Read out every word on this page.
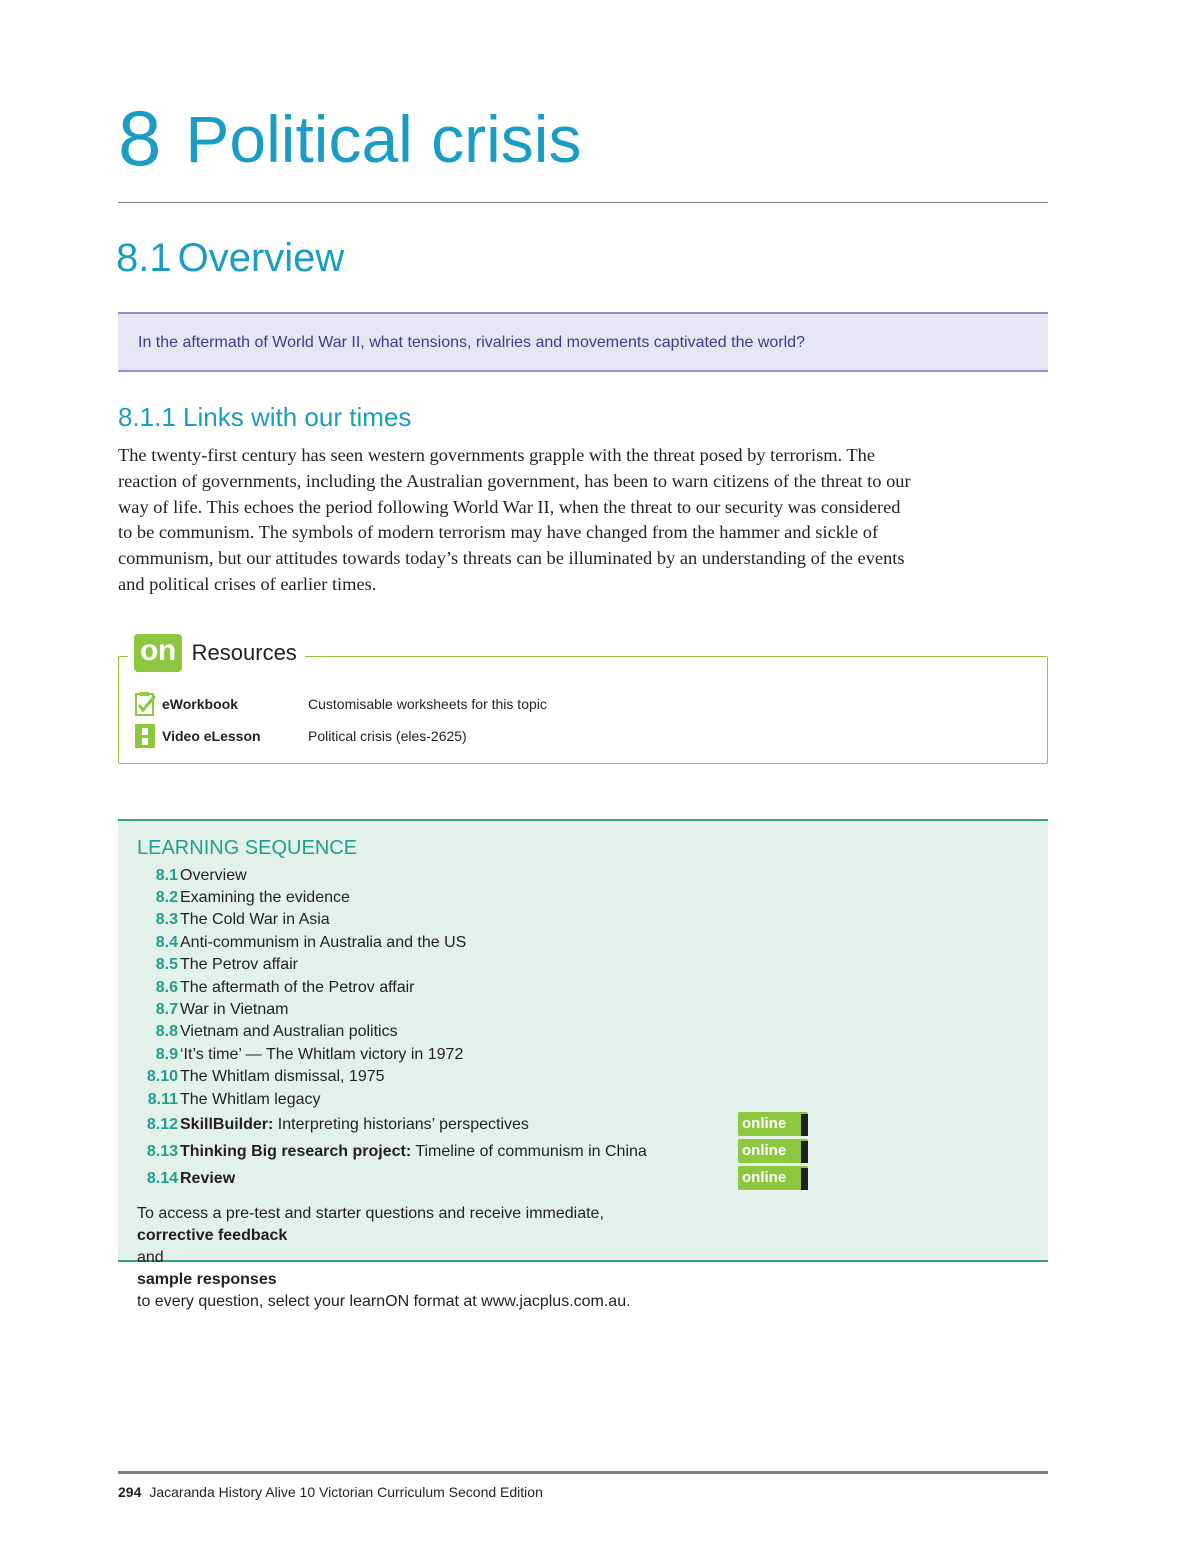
8 Political crisis
8.1 Overview
In the aftermath of World War II, what tensions, rivalries and movements captivated the world?
8.1.1 Links with our times

The twenty-first century has seen western governments grapple with the threat posed by terrorism. The
reaction of governments, including the Australian government, has been to warn citizens of the threat to our
way of life. This echoes the period following World War II, when the threat to our security was considered
to be communism. The symbols of modern terrorism may have changed from the hammer and sickle of
communism, but our attitudes towards today’s threats can be illuminated by an understanding of the events
and political crises of earlier times.

on Resources
eWorkbook	Customisable worksheets for this topic
Video eLesson	Political crisis (eles-2625)
LEARNING SEQUENCE
8.1 Overview
8.2 Examining the evidence
8.3 The Cold War in Asia
8.4 Anti-communism in Australia and the US
8.5 The Petrov affair
8.6 The aftermath of the Petrov affair
8.7 War in Vietnam
8.8 Vietnam and Australian politics
8.9 ‘It’s time’ — The Whitlam victory in 1972
8.10 The Whitlam dismissal, 1975
8.11 The Whitlam legacy
8.12 SkillBuilder: Interpreting historians’ perspectives	online
8.13 Thinking Big research project: Timeline of communism in China	online
8.14 Review	online
To access a pre-test and starter questions and receive immediate,
corrective feedback
and
sample responses
to every question, select your learnON format at www.jacplus.com.au.
294 Jacaranda History Alive 10 Victorian Curriculum Second Edition
